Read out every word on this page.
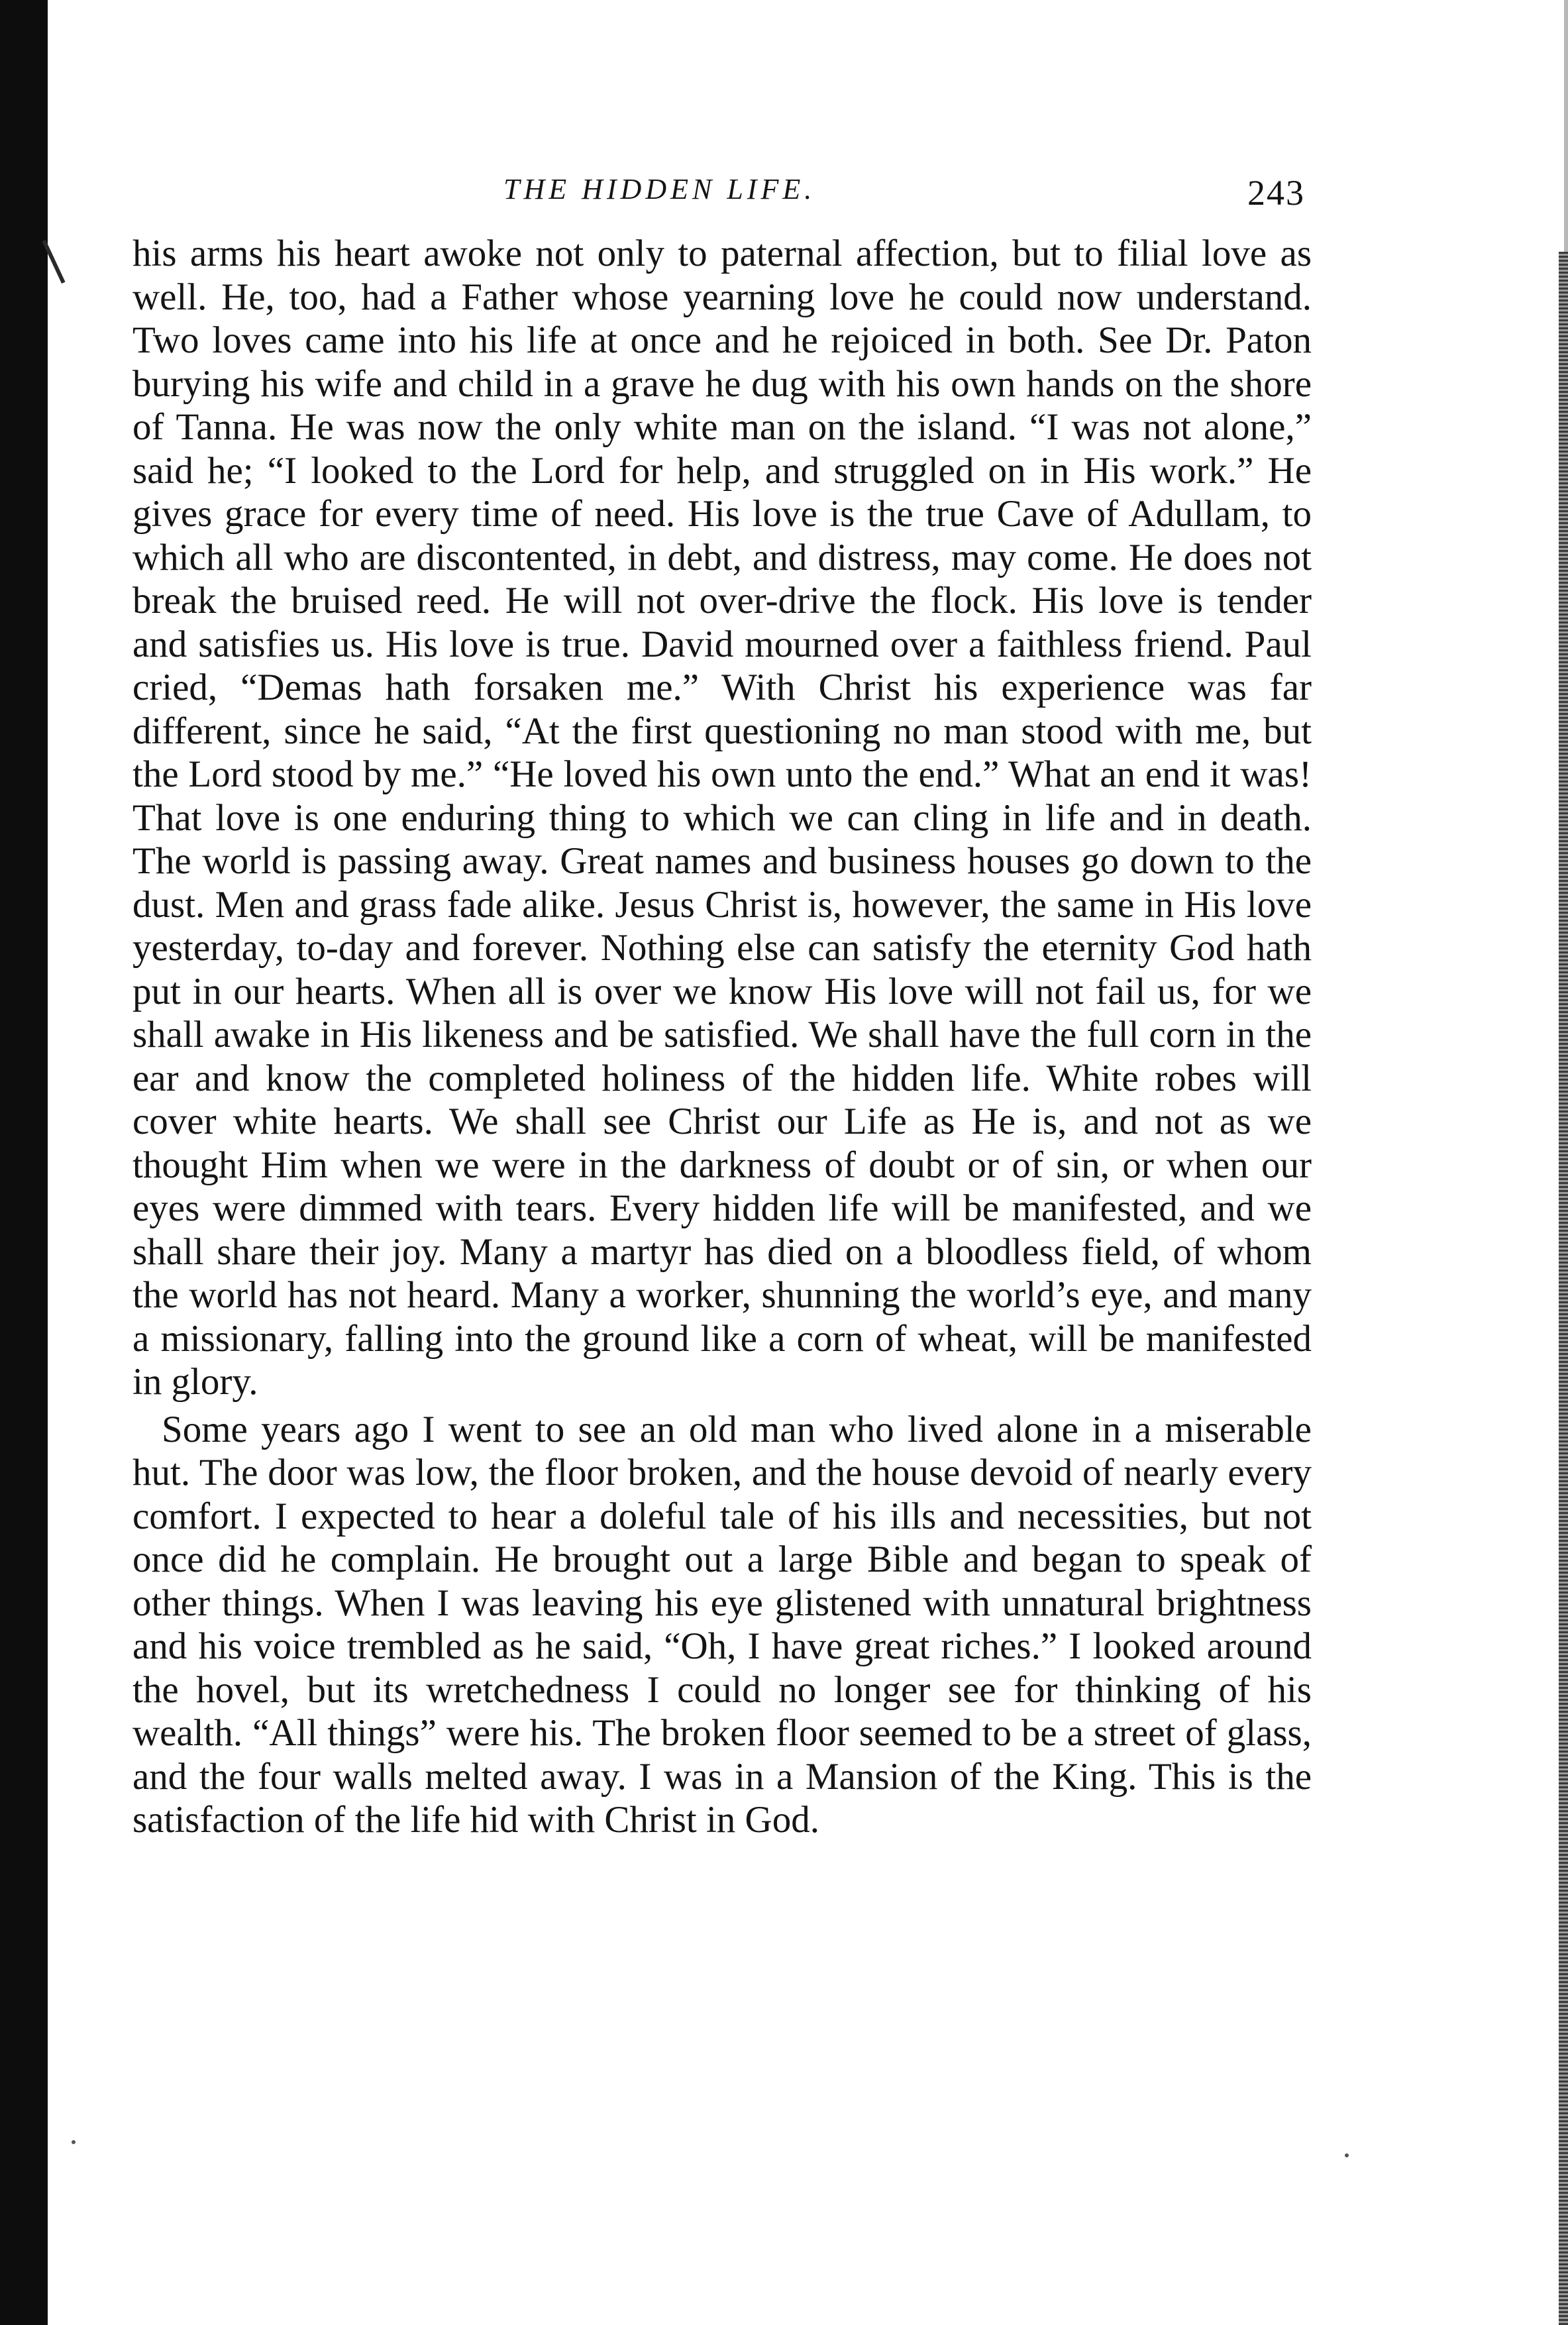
THE HIDDEN LIFE.	243

his arms his heart awoke not only to paternal affection, but to filial love as well. He, too, had a Father whose yearning love he could now understand. Two loves came into his life at once and he rejoiced in both. See Dr. Paton burying his wife and child in a grave he dug with his own hands on the shore of Tanna. He was now the only white man on the island. “I was not alone,” said he; “I looked to the Lord for help, and struggled on in His work.” He gives grace for every time of need. His love is the true Cave of Adullam, to which all who are discontented, in debt, and distress, may come. He does not break the bruised reed. He will not over-drive the flock. His love is tender and satisfies us. His love is true. David mourned over a faithless friend. Paul cried, “Demas hath forsaken me.” With Christ his experience was far different, since he said, “At the first questioning no man stood with me, but the Lord stood by me.” “He loved his own unto the end.” What an end it was! That love is one enduring thing to which we can cling in life and in death. The world is passing away. Great names and business houses go down to the dust. Men and grass fade alike. Jesus Christ is, however, the same in His love yesterday, to-day and forever. Nothing else can satisfy the eternity God hath put in our hearts. When all is over we know His love will not fail us, for we shall awake in His likeness and be satisfied. We shall have the full corn in the ear and know the completed holiness of the hidden life. White robes will cover white hearts. We shall see Christ our Life as He is, and not as we thought Him when we were in the darkness of doubt or of sin, or when our eyes were dimmed with tears. Every hidden life will be manifested, and we shall share their joy. Many a martyr has died on a bloodless field, of whom the world has not heard. Many a worker, shunning the world’s eye, and many a missionary, falling into the ground like a corn of wheat, will be manifested in glory.

Some years ago I went to see an old man who lived alone in a miserable hut. The door was low, the floor broken, and the house devoid of nearly every comfort. I expected to hear a doleful tale of his ills and necessities, but not once did he complain. He brought out a large Bible and began to speak of other things. When I was leaving his eye glistened with unnatural brightness and his voice trembled as he said, “Oh, I have great riches.” I looked around the hovel, but its wretchedness I could no longer see for thinking of his wealth. “All things” were his. The broken floor seemed to be a street of glass, and the four walls melted away. I was in a Mansion of the King. This is the satisfaction of the life hid with Christ in God.
